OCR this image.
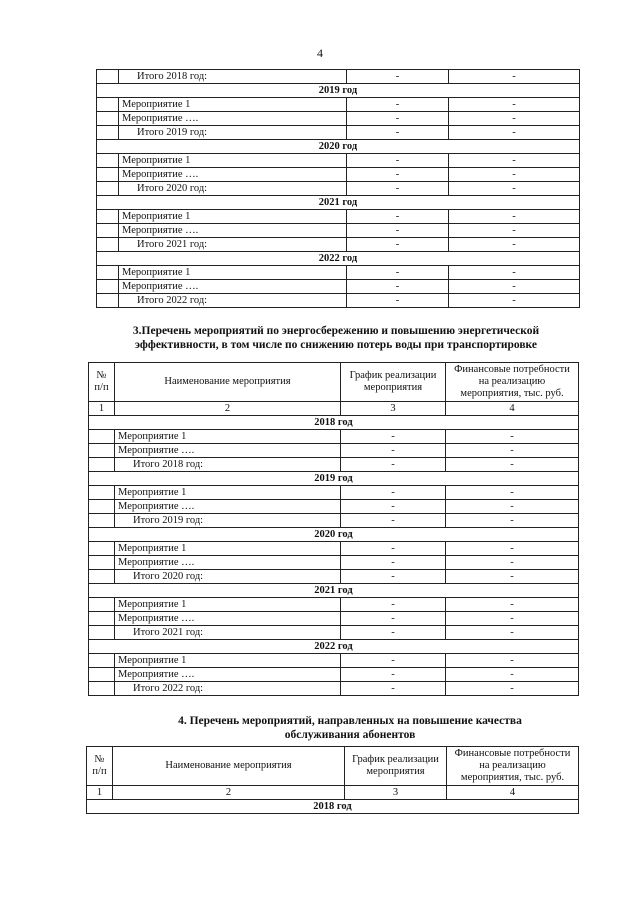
4
	Итого 2018 год:	-	-
2019 год			
	Мероприятие 1	-	-
	Мероприятие ….	-	-
	Итого 2019 год:	-	-
2020 год			
	Мероприятие 1	-	-
	Мероприятие ….	-	-
	Итого 2020 год:	-	-
2021 год			
	Мероприятие 1	-	-
	Мероприятие ….	-	-
	Итого 2021 год:	-	-
2022 год			
	Мероприятие 1	-	-
	Мероприятие ….	-	-
	Итого 2022 год:	-	-
3.Перечень мероприятий по энергосбережению и повышению энергетической
эффективности, в том числе по снижению потерь воды при транспортировке
№ п/п	Наименование мероприятия	График реализации мероприятия	Финансовые потребности на реализацию мероприятия, тыс. руб.
1	2	3	4
2018 год			
	Мероприятие 1	-	-
	Мероприятие ….	-	-
	Итого 2018 год:	-	-
2019 год			
	Мероприятие 1	-	-
	Мероприятие ….	-	-
	Итого 2019 год:	-	-
2020 год			
	Мероприятие 1	-	-
	Мероприятие ….	-	-
	Итого 2020 год:	-	-
2021 год			
	Мероприятие 1	-	-
	Мероприятие ….	-	-
	Итого 2021 год:	-	-
2022 год			
	Мероприятие 1	-	-
	Мероприятие ….	-	-
	Итого 2022 год:	-	-
4. Перечень мероприятий, направленных на повышение качества
обслуживания абонентов
№ п/п	Наименование мероприятия	График реализации мероприятия	Финансовые потребности на реализацию мероприятия, тыс. руб.
1	2	3	4
2018 год			
